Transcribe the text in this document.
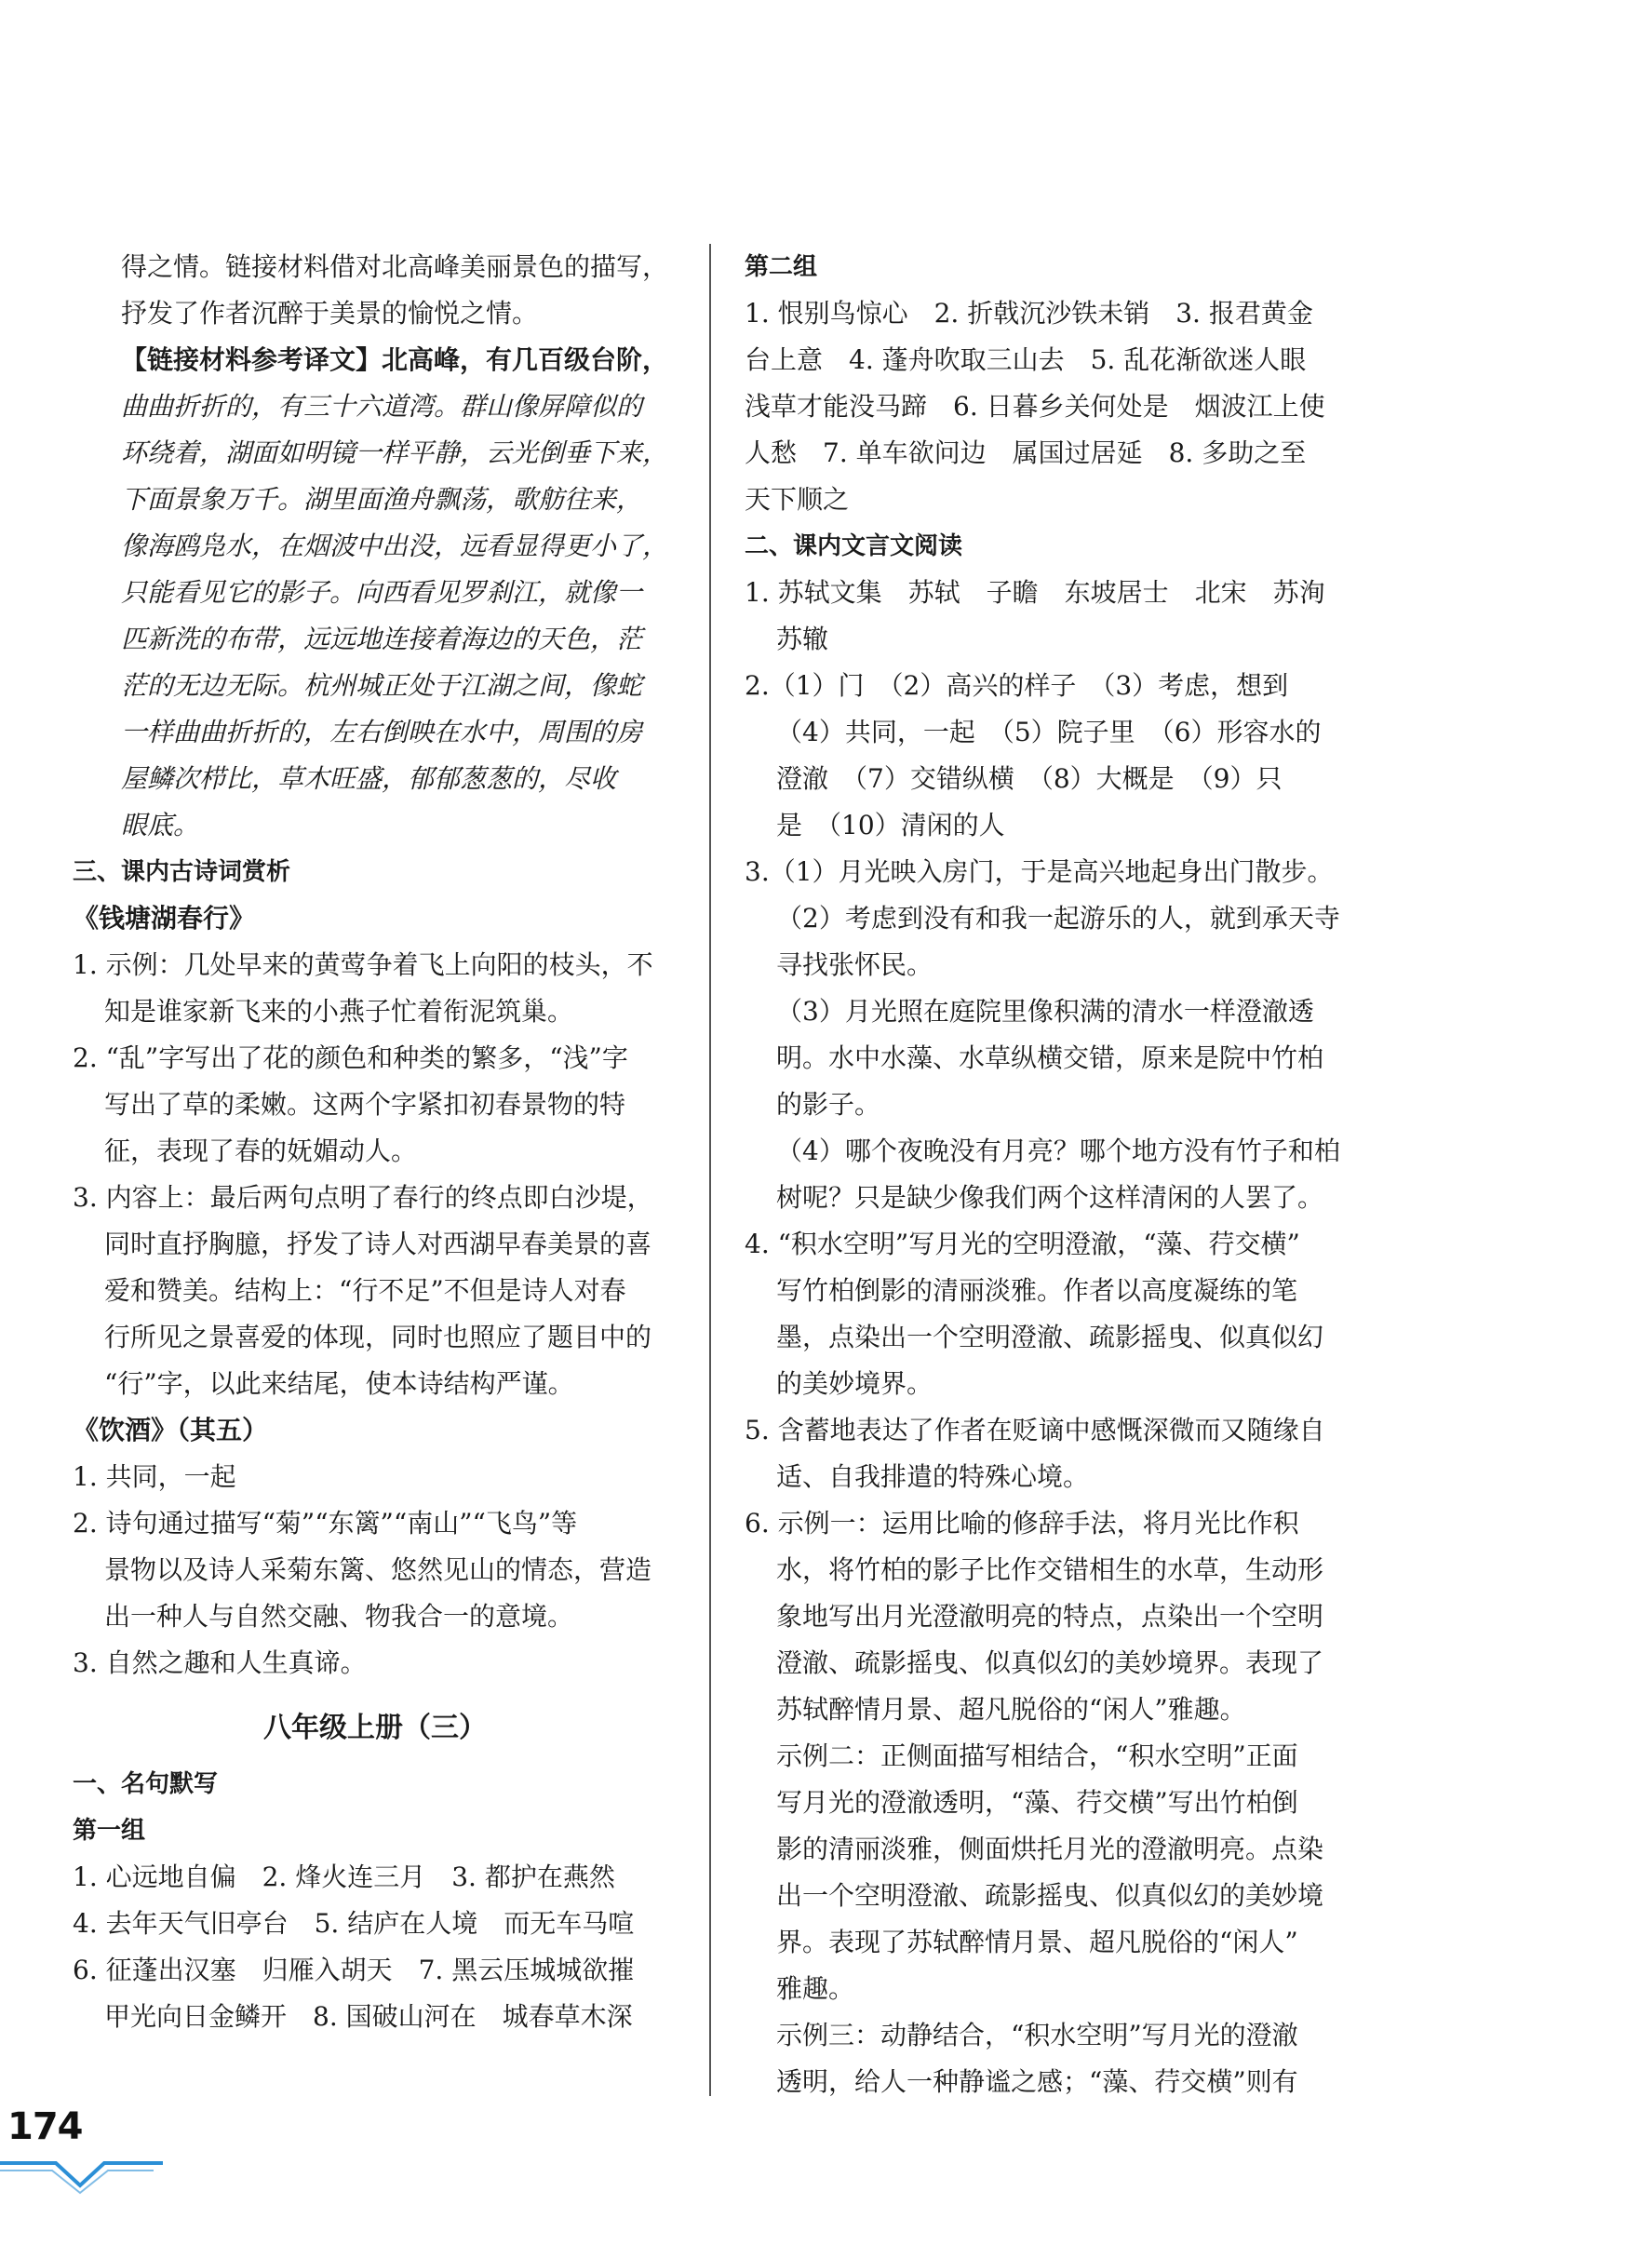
得之情。链接材料借对北高峰美丽景色的描写，
抒发了作者沉醉于美景的愉悦之情。
【链接材料参考译文】北高峰，有几百级台阶，
曲曲折折的，有三十六道湾。群山像屏障似的
环绕着，湖面如明镜一样平静，云光倒垂下来，
下面景象万千。湖里面渔舟飘荡，歌舫往来，
像海鸥凫水，在烟波中出没，远看显得更小了，
只能看见它的影子。向西看见罗刹江，就像一
匹新洗的布带，远远地连接着海边的天色，茫
茫的无边无际。杭州城正处于江湖之间，像蛇
一样曲曲折折的，左右倒映在水中，周围的房
屋鳞次栉比，草木旺盛，郁郁葱葱的，尽收
眼底。
三、课内古诗词赏析
《钱塘湖春行》
1. 示例：几处早来的黄莺争着飞上向阳的枝头，不
知是谁家新飞来的小燕子忙着衔泥筑巢。
2. “乱”字写出了花的颜色和种类的繁多，“浅”字
写出了草的柔嫩。这两个字紧扣初春景物的特
征，表现了春的妩媚动人。
3. 内容上：最后两句点明了春行的终点即白沙堤，
同时直抒胸臆，抒发了诗人对西湖早春美景的喜
爱和赞美。结构上：“行不足”不但是诗人对春
行所见之景喜爱的体现，同时也照应了题目中的
“行”字，以此来结尾，使本诗结构严谨。
《饮酒》（其五）
1. 共同，一起
2. 诗句通过描写“菊”“东篱”“南山”“飞鸟”等
景物以及诗人采菊东篱、悠然见山的情态，营造
出一种人与自然交融、物我合一的意境。
3. 自然之趣和人生真谛。
八年级上册（三）
一、名句默写
第一组
1. 心远地自偏　2. 烽火连三月　3. 都护在燕然
4. 去年天气旧亭台　5. 结庐在人境　而无车马喧
6. 征蓬出汉塞　归雁入胡天　7. 黑云压城城欲摧
甲光向日金鳞开　8. 国破山河在　城春草木深
第二组
1. 恨别鸟惊心　2. 折戟沉沙铁未销　3. 报君黄金
台上意　4. 蓬舟吹取三山去　5. 乱花渐欲迷人眼
浅草才能没马蹄　6. 日暮乡关何处是　烟波江上使
人愁　7. 单车欲问边　属国过居延　8. 多助之至
天下顺之
二、课内文言文阅读
1. 苏轼文集　苏轼　子瞻　东坡居士　北宋　苏洵
苏辙
2.（1）门　（2）高兴的样子　（3）考虑，想到
（4）共同，一起　（5）院子里　（6）形容水的
澄澈　（7）交错纵横　（8）大概是　（9）只
是　（10）清闲的人
3.（1）月光映入房门，于是高兴地起身出门散步。
（2）考虑到没有和我一起游乐的人，就到承天寺
寻找张怀民。
（3）月光照在庭院里像积满的清水一样澄澈透
明。水中水藻、水草纵横交错，原来是院中竹柏
的影子。
（4）哪个夜晚没有月亮？哪个地方没有竹子和柏
树呢？只是缺少像我们两个这样清闲的人罢了。
4. “积水空明”写月光的空明澄澈，“藻、荇交横”
写竹柏倒影的清丽淡雅。作者以高度凝练的笔
墨，点染出一个空明澄澈、疏影摇曳、似真似幻
的美妙境界。
5. 含蓄地表达了作者在贬谪中感慨深微而又随缘自
适、自我排遣的特殊心境。
6. 示例一：运用比喻的修辞手法，将月光比作积
水，将竹柏的影子比作交错相生的水草，生动形
象地写出月光澄澈明亮的特点，点染出一个空明
澄澈、疏影摇曳、似真似幻的美妙境界。表现了
苏轼醉情月景、超凡脱俗的“闲人”雅趣。
示例二：正侧面描写相结合，“积水空明”正面
写月光的澄澈透明，“藻、荇交横”写出竹柏倒
影的清丽淡雅，侧面烘托月光的澄澈明亮。点染
出一个空明澄澈、疏影摇曳、似真似幻的美妙境
界。表现了苏轼醉情月景、超凡脱俗的“闲人”
雅趣。
示例三：动静结合，“积水空明”写月光的澄澈
透明，给人一种静谧之感；“藻、荇交横”则有
174
